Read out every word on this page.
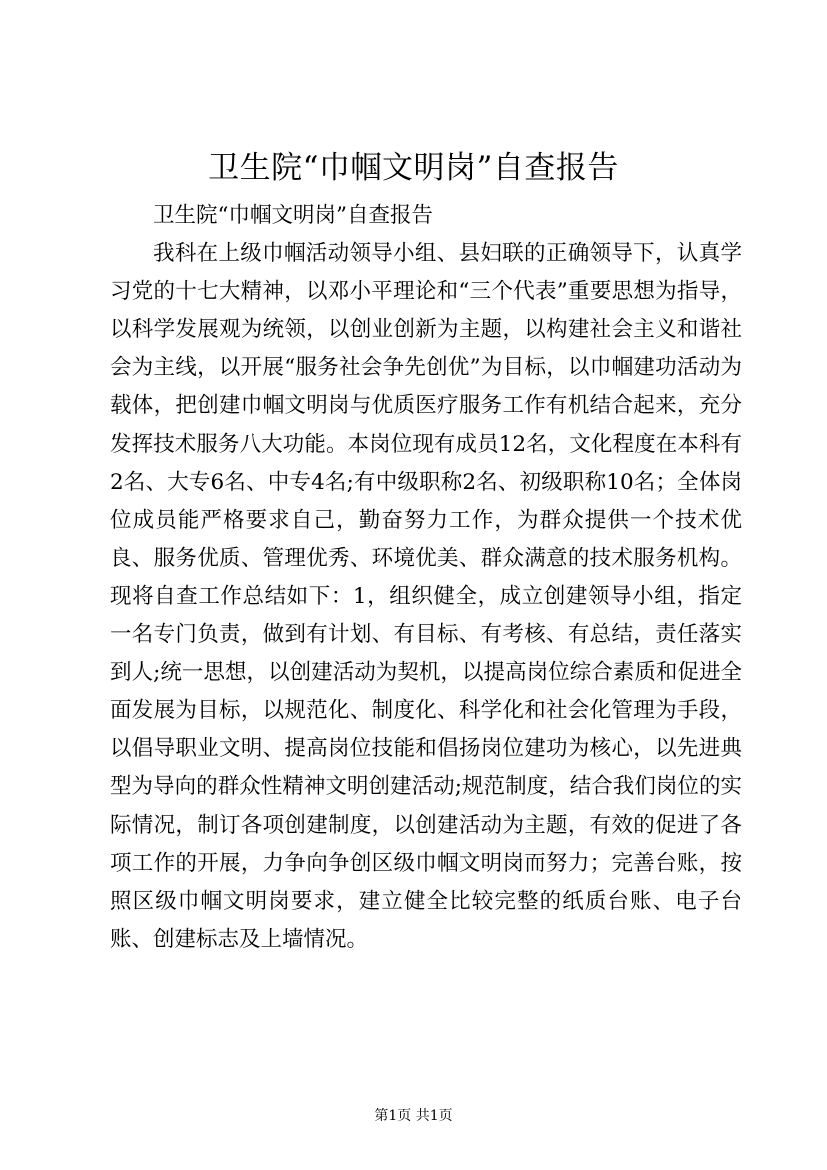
卫生院“巾帼文明岗”自查报告

卫生院“巾帼文明岗”自查报告

我科在上级巾帼活动领导小组、县妇联的正确领导下，认真学习党的十七大精神，以邓小平理论和“三个代表”重要思想为指导，以科学发展观为统领，以创业创新为主题，以构建社会主义和谐社会为主线，以开展“服务社会争先创优”为目标，以巾帼建功活动为载体，把创建巾帼文明岗与优质医疗服务工作有机结合起来，充分发挥技术服务八大功能。本岗位现有成员12名，文化程度在本科有2名、大专6名、中专4名;有中级职称2名、初级职称10名；全体岗位成员能严格要求自己，勤奋努力工作，为群众提供一个技术优良、服务优质、管理优秀、环境优美、群众满意的技术服务机构。现将自查工作总结如下：1，组织健全，成立创建领导小组，指定一名专门负责，做到有计划、有目标、有考核、有总结，责任落实到人;统一思想，以创建活动为契机，以提高岗位综合素质和促进全面发展为目标，以规范化、制度化、科学化和社会化管理为手段，以倡导职业文明、提高岗位技能和倡扬岗位建功为核心，以先进典型为导向的群众性精神文明创建活动;规范制度，结合我们岗位的实际情况，制订各项创建制度，以创建活动为主题，有效的促进了各项工作的开展，力争向争创区级巾帼文明岗而努力；完善台账，按照区级巾帼文明岗要求，建立健全比较完整的纸质台账、电子台账、创建标志及上墙情况。

第1页 共1页
